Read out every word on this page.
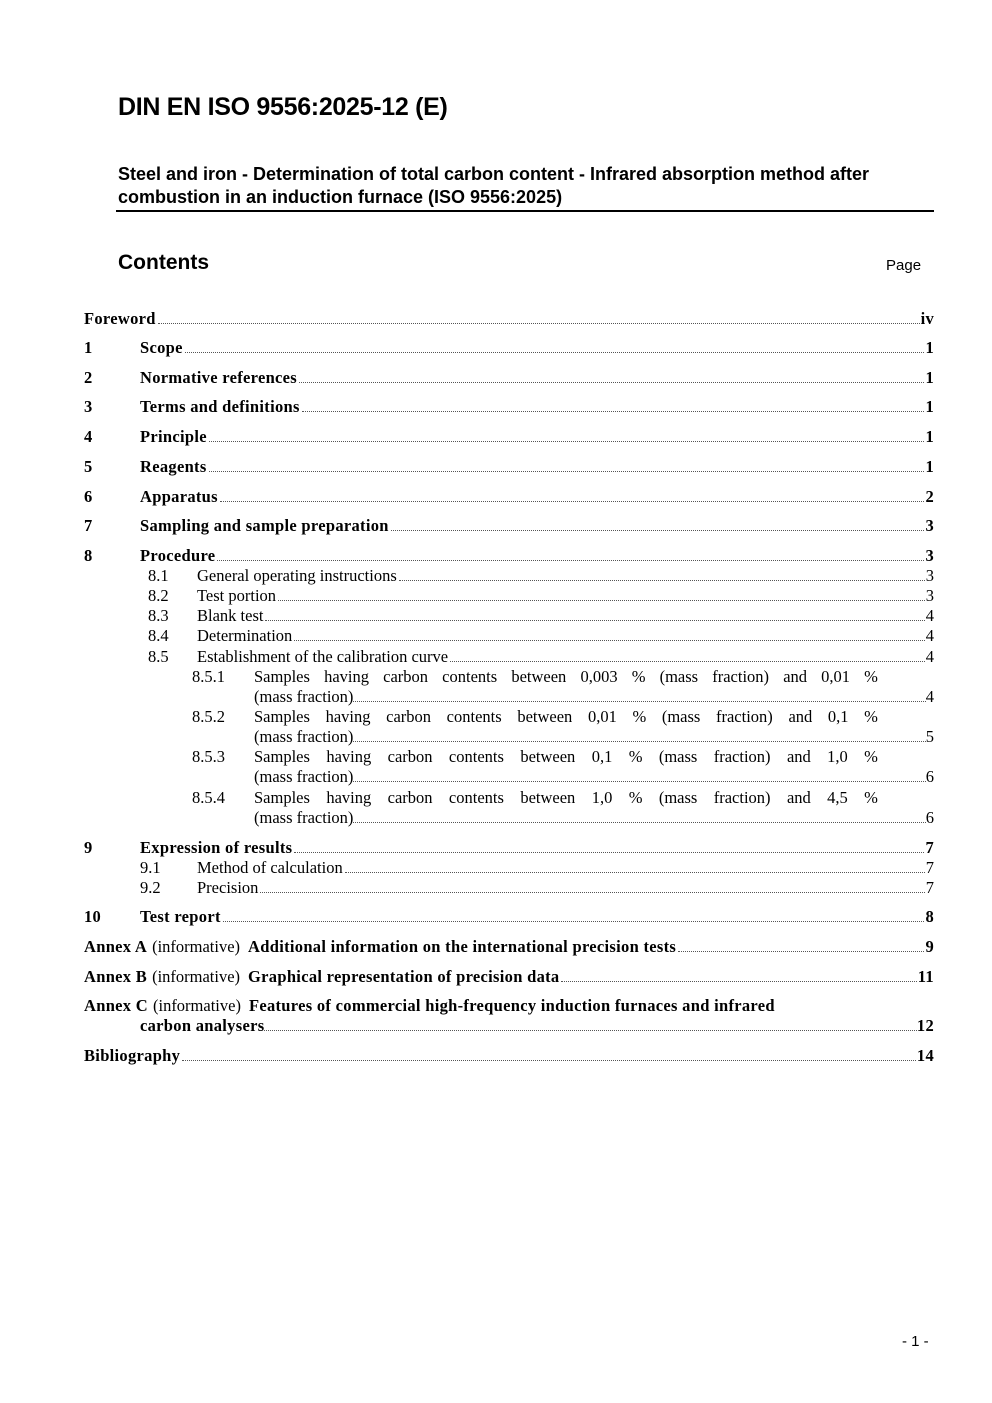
DIN EN ISO 9556:2025-12 (E)
Steel and iron - Determination of total carbon content - Infrared absorption method after combustion in an induction furnace (ISO 9556:2025)
Contents	Page
Foreword	iv
1	Scope	1
2	Normative references	1
3	Terms and definitions	1
4	Principle	1
5	Reagents	1
6	Apparatus	2
7	Sampling and sample preparation	3
8	Procedure	3
8.1 General operating instructions	3
8.2 Test portion	3
8.3 Blank test	4
8.4 Determination	4
8.5 Establishment of the calibration curve	4
8.5.1 Samples having carbon contents between 0,003 % (mass fraction) and 0,01 %
(mass fraction)	4
8.5.2 Samples having carbon contents between 0,01 % (mass fraction) and 0,1 %
(mass fraction)	5
8.5.3 Samples having carbon contents between 0,1 % (mass fraction) and 1,0 %
(mass fraction)	6
8.5.4 Samples having carbon contents between 1,0 % (mass fraction) and 4,5 %
(mass fraction)	6
9	Expression of results	7
9.1 Method of calculation	7
9.2 Precision	7
10 Test report	8
Annex A (informative) Additional information on the international precision tests	9
Annex B (informative) Graphical representation of precision data	11
Annex C (informative) Features of commercial high-frequency induction furnaces and infrared
carbon analysers	12
Bibliography	14
- 1 -
